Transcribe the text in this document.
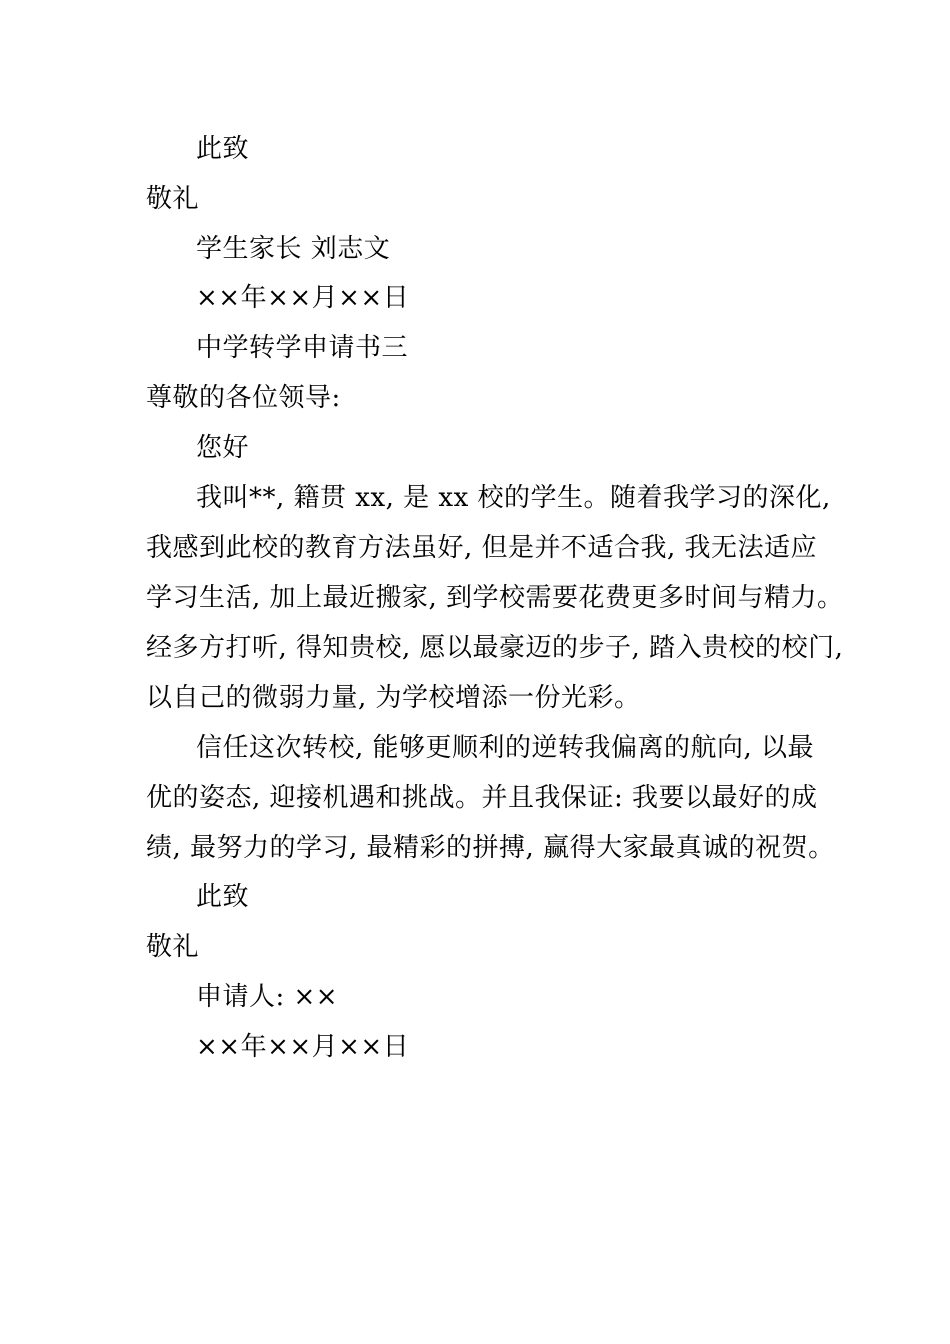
此致
敬礼
学生家长 刘志文
××年××月××日
中学转学申请书三
尊敬的各位领导:
您好
我叫**, 籍贯 xx, 是 xx 校的学生。随着我学习的深化,
我感到此校的教育方法虽好, 但是并不适合我, 我无法适应
学习生活, 加上最近搬家, 到学校需要花费更多时间与精力。
经多方打听, 得知贵校, 愿以最豪迈的步子, 踏入贵校的校门,
以自己的微弱力量, 为学校增添一份光彩。
信任这次转校, 能够更顺利的逆转我偏离的航向, 以最
优的姿态, 迎接机遇和挑战。并且我保证: 我要以最好的成
绩, 最努力的学习, 最精彩的拼搏, 赢得大家最真诚的祝贺。
此致
敬礼
申请人: ××
××年××月××日
